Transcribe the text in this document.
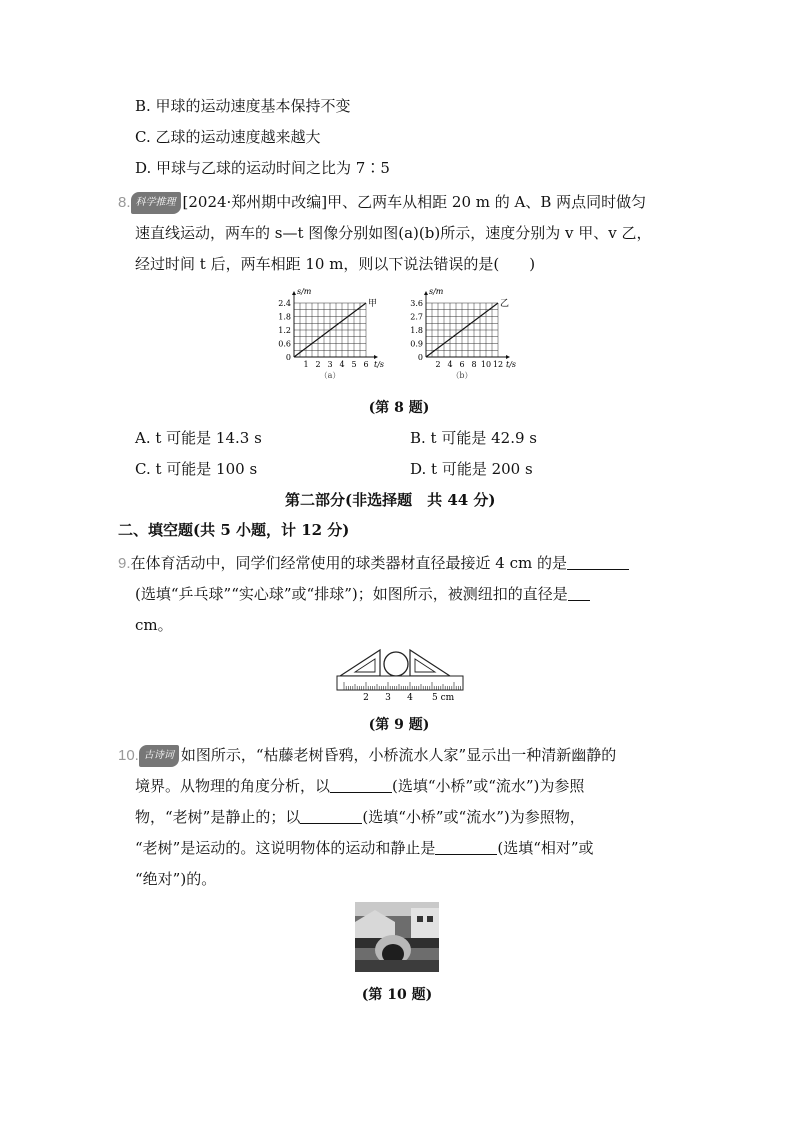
B. 甲球的运动速度基本保持不变
C. 乙球的运动速度越来越大
D. 甲球与乙球的运动时间之比为 7∶5
8. 科学推理 [2024·郑州期中改编]甲、乙两车从相距 20 m 的 A、B 两点同时做匀
速直线运动，两车的 s—t 图像分别如图(a)(b)所示，速度分别为 v 甲、v 乙，
经过时间 t 后，两车相距 10 m，则以下说法错误的是(　　)
s/m
t/s
1 2 3 4 5 6
0.6
1.2
1.8
2.4
0
甲
（a）
s/m
t/s
2 4 6 8 10 12
0.9
1.8
2.7
3.6
0
乙
（b）
(第 8 题)
A. t 可能是 14.3 s	B. t 可能是 42.9 s
C. t 可能是 100 s	D. t 可能是 200 s
第二部分(非选择题　共 44 分)
二、填空题(共 5 小题，计 12 分)
9.在体育活动中，同学们经常使用的球类器材直径最接近 4 cm 的是
(选填“乒乓球”“实心球”或“排球”)；如图所示，被测纽扣的直径是
cm。
2 3 4 5 cm
(第 9 题)
10. 古诗词 如图所示，“枯藤老树昏鸦，小桥流水人家”显示出一种清新幽静的
境界。从物理的角度分析，以	(选填“小桥”或“流水”)为参照
物，“老树”是静止的；以	(选填“小桥”或“流水”)为参照物，
“老树”是运动的。这说明物体的运动和静止是	(选填“相对”或
“绝对”)的。
(第 10 题)
